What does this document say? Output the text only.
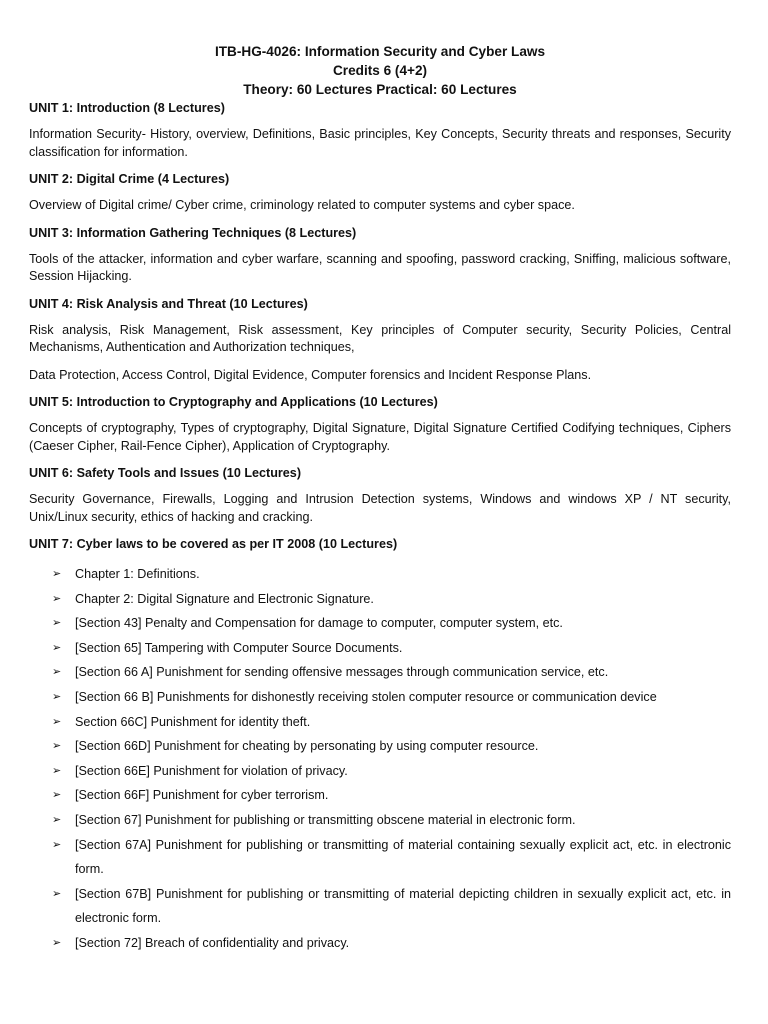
ITB-HG-4026: Information Security and Cyber Laws
Credits 6 (4+2)
Theory: 60 Lectures Practical: 60 Lectures
UNIT 1: Introduction (8 Lectures)

Information Security- History, overview, Definitions, Basic principles, Key Concepts, Security threats and responses, Security classification for information.

UNIT 2: Digital Crime (4 Lectures)

Overview of Digital crime/ Cyber crime, criminology related to computer systems and cyber space.

UNIT 3: Information Gathering Techniques (8 Lectures)

Tools of the attacker, information and cyber warfare, scanning and spoofing, password cracking, Sniffing, malicious software, Session Hijacking.

UNIT 4: Risk Analysis and Threat (10 Lectures)

Risk analysis, Risk Management, Risk assessment, Key principles of Computer security, Security Policies, Central Mechanisms, Authentication and Authorization techniques,

Data Protection, Access Control, Digital Evidence, Computer forensics and Incident Response Plans.

UNIT 5: Introduction to Cryptography and Applications (10 Lectures)

Concepts of cryptography, Types of cryptography, Digital Signature, Digital Signature Certified Codifying techniques, Ciphers (Caeser Cipher, Rail-Fence Cipher), Application of Cryptography.

UNIT 6: Safety Tools and Issues (10 Lectures)

Security Governance, Firewalls, Logging and Intrusion Detection systems, Windows and windows XP / NT security, Unix/Linux security, ethics of hacking and cracking.

UNIT 7: Cyber laws to be covered as per IT 2008 (10 Lectures)
➢ Chapter 1: Definitions.
➢ Chapter 2: Digital Signature and Electronic Signature.
➢ [Section 43] Penalty and Compensation for damage to computer, computer system, etc.
➢ [Section 65] Tampering with Computer Source Documents.
➢ [Section 66 A] Punishment for sending offensive messages through communication service, etc.
➢ [Section 66 B] Punishments for dishonestly receiving stolen computer resource or communication device
➢ Section 66C] Punishment for identity theft.
➢ [Section 66D] Punishment for cheating by personating by using computer resource.
➢ [Section 66E] Punishment for violation of privacy.
➢ [Section 66F] Punishment for cyber terrorism.
➢ [Section 67] Punishment for publishing or transmitting obscene material in electronic form.
➢ [Section 67A] Punishment for publishing or transmitting of material containing sexually explicit act, etc. in electronic form.
➢ [Section 67B] Punishment for publishing or transmitting of material depicting children in sexually explicit act, etc. in electronic form.
➢ [Section 72] Breach of confidentiality and privacy.
